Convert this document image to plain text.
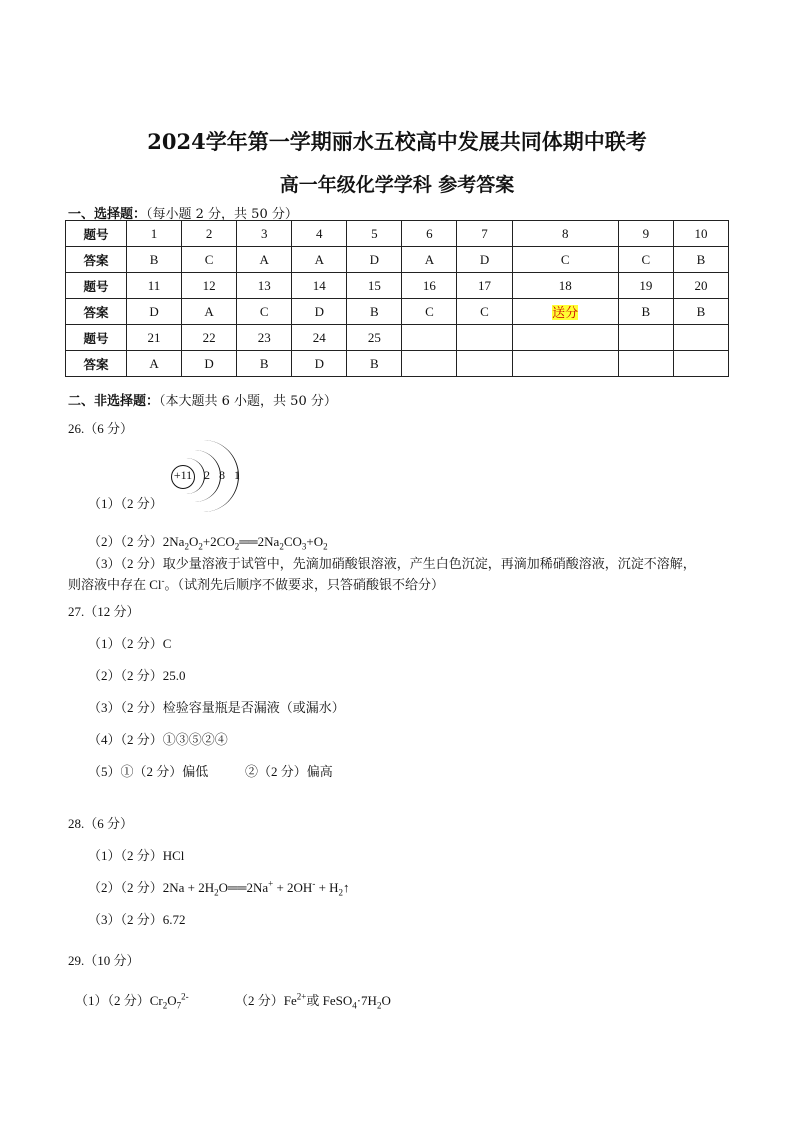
2024学年第一学期丽水五校高中发展共同体期中联考
高一年级化学学科 参考答案
一、选择题：（每小题 2 分，共 50 分）
题号	1	2	3	4	5	6	7	8	9	10
答案	B	C	A	A	D	A	D	C	C	B
题号	11	12	13	14	15	16	17	18	19	20
答案	D	A	C	D	B	C	C	送分	B	B
题号	21	22	23	24	25					
答案	A	D	B	D	B					
二、非选择题：（本大题共 6 小题，共 50 分）
26.（6 分）
+11 2 8 1
（1）（2 分）
（2）（2 分）$2Na_2O_2+2CO_2══2Na_2CO_3+O_2$
（3）（2 分）取少量溶液于试管中，先滴加硝酸银溶液，产生白色沉淀，再滴加稀硝酸溶液，沉淀不溶解，
则溶液中存在 Cl-。（试剂先后顺序不做要求，只答硝酸银不给分）
27.（12 分）
（1）（2 分）C
（2）（2 分）25.0
（3）（2 分）检验容量瓶是否漏液（或漏水）
（4）（2 分）①③⑤②④
（5）①（2 分）偏低	②（2 分）偏高
28.（6 分）
（1）（2 分）HCl
（2）（2 分）$2Na + 2H_2O══2Na^+ + 2OH^-$ + $H_2↑$
（3）（2 分）6.72
29.（10 分）
（1）（2 分）$Cr_2O_7^{2-}$	（2 分）$Fe^{2+}$或 $FeSO_4\cdot 7H_2O$
